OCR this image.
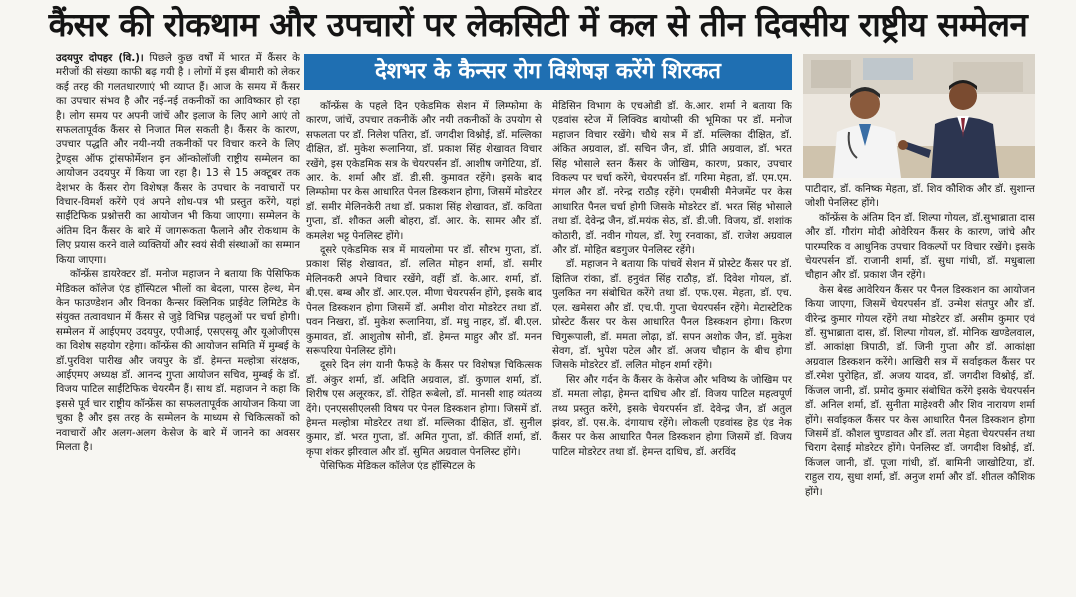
कैंसर की रोकथाम और उपचारों पर लेकसिटी में कल से तीन दिवसीय राष्ट्रीय सम्मेलन

उदयपुर दोपहर (वि.)। पिछले कुछ वर्षों में भारत में कैंसर के मरीजों की संख्या काफी बढ़ गयी है । लोगों में इस बीमारी को लेकर कई तरह की गलतधारणाएं भी व्याप्त हैं। आज के समय में कैंसर का उपचार संभव है और नई-नई तकनीकों का आविष्कार हो रहा है। लोग समय पर अपनी जांचें और इलाज के लिए आगे आएं तो सफलतापूर्वक कैंसर से निजात मिल सकती है। कैंसर के कारण, उपचार पद्धति और नयी-नयी तकनीकों पर विचार करने के लिए ट्रेण्ड्स ऑफ ट्रांसफोर्मेशन इन ऑन्कोलॉजी राष्ट्रीय सम्मेलन का आयोजन उदयपुर में किया जा रहा है। 13 से 15 अक्टूबर तक देशभर के कैंसर रोग विशेषज्ञ कैंसर के उपचार के नवाचारों पर विचार-विमर्श करेंगे एवं अपने शोध-पत्र भी प्रस्तुत करेंगे, यहां साईंटिफिक प्रश्नोत्तरी का आयोजन भी किया जाएगा। सम्मेलन के अंतिम दिन कैंसर के बारे में जागरूकता फैलाने और रोकथाम के लिए प्रयास करने वाले व्यक्तियों और स्वयं सेवी संस्थाओं का सम्मान किया जाएगा।

कॉन्फ्रेंस डायरेक्टर डॉ. मनोज महाजन ने बताया कि पेसिफिक मेडिकल कॉलेज एंड हॉस्पिटल भीलों का बेदला, पारस हेल्थ, मेन केन फाउण्डेशन और विनका कैन्सर क्लिनिक प्राईवेट लिमिटेड के संयुक्त तत्वावधान में कैंसर से जुड़े विभिन्न पहलुओं पर चर्चा होगी। सम्मेलन में आईएमए उदयपुर, एपीआई, एसएसयू और यूओजीएस का विशेष सहयोग रहेगा। कॉन्फ्रेंस की आयोजन समिति में मुम्बई के डॉ.पुरविश पारीख और जयपुर के डॉ. हेमन्त मल्होत्रा संरक्षक, आईएमए अध्यक्ष डॉ. आनन्द गुप्ता आयोजन सचिव, मुम्बई के डॉ. विजय पाटिल साईंटिफिक चेयरमैन हैं। साथ डॉ. महाजन ने कहा कि इससे पूर्व चार राष्ट्रीय कॉन्फ्रेंस का सफलतापूर्वक आयोजन किया जा चुका है और इस तरह के सम्मेलन के माध्यम से चिकित्सकों को नवाचारों और अलग-अलग केसेज के बारे में जानने का अवसर मिलता है।

देशभर के कैन्सर रोग विशेषज्ञ करेंगे शिरकत

कॉन्फ्रेंस के पहले दिन एकेडमिक सेशन में लिम्फोमा के कारण, जांचें, उपचार तकनीकें और नयी तकनीकों के उपयोग से सफलता पर डॉ. निलेश पतिरा, डॉ. जगदीश विश्नोई, डॉ. मल्लिका दीक्षित, डॉ. मुकेश रूलानिया, डॉ. प्रकाश सिंह शेखावत विचार रखेंगे, इस एकेडमिक सत्र के चेयरपर्सन डॉ. आशीष जगेटिया, डॉ. आर. के. शर्मा और डॉ. डी.सी. कुमावत रहेंगे। इसके बाद लिम्फोमा पर केस आधारित पेनल डिस्कशन होगा, जिसमें मोडरेटर डॉ. समीर मेलिनकेरी तथा डॉ. प्रकाश सिंह शेखावत, डॉ. कविता गुप्ता, डॉ. शौकत अली बोहरा, डॉ. आर. के. सामर और डॉ. कमलेश भट्ट पेनलिस्ट होंगे।

दूसरे एकेडमिक सत्र में मायलोमा पर डॉ. सौरभ गुप्ता, डॉ. प्रकाश सिंह शेखावत, डॉ. ललित मोहन शर्मा, डॉ. समीर मेलिनकरी अपने विचार रखेंगे, वहीं डॉ. के.आर. शर्मा, डॉ. बी.एस. बम्ब और डॉ. आर.एल. मीणा चेयरपर्सन होंगे, इसके बाद पेनल डिस्कशन होगा जिसमें डॉ. अमीश वोरा मोडरेटर तथा डॉ. पवन निखरा, डॉ. मुकेश रूलानिया, डॉ. मधु नाहर, डॉ. बी.एल. कुमावत, डॉ. आशुतोष सोनी, डॉ. हेमन्त माहुर और डॉ. मनन सरूपरिया पेनलिस्ट होंगे।

दूसरे दिन लंग यानी फैफड़े के कैंसर पर विशेषज्ञ चिकित्सक डॉ. अंकुर शर्मा, डॉ. अदिति अग्रवाल, डॉ. कुणाल शर्मा, डॉ. शिरीष एस अलूरकर, डॉ. रोहित रूबेलो, डॉ. मानसी शाह व्यंतव्य देंगे। एनएससीएलसी विषय पर पेनल डिस्कशन होगा। जिसमें डॉ. हेमन्त मल्होत्रा मोडरेटर तथा डॉ. मल्लिका दीक्षित, डॉ. सुनील कुमार, डॉ. भरत गुप्ता, डॉ. अमित गुप्ता, डॉ. कीर्ति शर्मा, डॉ. कृपा शंकर झीरवाल और डॉ. सुमित अग्रवाल पेनलिस्ट होंगे।

पेसिफिक मेडिकल कॉलेज एंड हॉस्पिटल के

मेडिसिन विभाग के एचओडी डॉ. के.आर. शर्मा ने बताया कि एडवांस स्टेज में लिक्विड बायोप्सी की भूमिका पर डॉ. मनोज महाजन विचार रखेंगे। चौथे सत्र में डॉ. मल्लिका दीक्षित, डॉ. अंकित अग्रवाल, डॉ. सचिन जैन, डॉ. प्रीति अग्रवाल, डॉ. भरत सिंह भोसाले स्तन कैंसर के जोखिम, कारण, प्रकार, उपचार विकल्प पर चर्चा करेंगे, चेयरपर्सन डॉ. गरिमा मेहता, डॉ. एम.एम. मंगल और डॉ. नरेन्द्र राठौड़ रहेंगे। एमबीसी मैनेजमेंट पर केस आधारित पैनल चर्चा होगी जिसके मोडरेटर डॉ. भरत सिंह भोसाले तथा डॉ. देवेन्द्र जैन, डॉ.मयंक सेठ, डॉ. डी.जी. विजय, डॉ. शशांक कोठारी, डॉ. नवीन गोयल, डॉ. रेणु रनवाका, डॉ. राजेश अग्रवाल और डॉ. मोहित बडगुजर पेनलिस्ट रहेंगे।

डॉ. महाजन ने बताया कि पांचवें सेशन में प्रोस्टेट कैंसर पर डॉ. क्षितिज रांका, डॉ. हनुवंत सिंह राठौड़, डॉ. दिवेश गोयल, डॉ. पुलकित नग संबोधित करेंगे तथा डॉ. एफ.एस. मेहता, डॉ. एच. एल. खमेसरा और डॉ. एच.पी. गुप्ता चेयरपर्सन रहेंगे। मेटास्टेटिक प्रोस्टेट कैंसर पर केस आधारित पैनल डिस्कशन होगा। किरण चिगुरूपाली, डॉ. ममता लोढ़ा, डॉ. सपन अशोक जैन, डॉ. मुकेश सेवग, डॉ. भुपेश पटेल और डॉ. अजय चौहान के बीच होगा जिसके मोडरेटर डॉ. ललित मोहन शर्मा रहेंगे।

सिर और गर्दन के कैंसर के केसेज और भविष्य के जोखिम पर डॉ. ममता लोढ़ा, हेमन्त दाधिच और डॉ. विजय पाटिल महत्वपूर्ण तथ्य प्रस्तुत करेंगे, इसके चेयरपर्सन डॉ. देवेन्द्र जैन, डॉ अतुल झंवर, डॉ. एस.के. दंगायाच रहेंगे। लोकली एडवांस्ड हेड एंड नेक कैंसर पर केस आधारित पैनल डिस्कशन होगा जिसमें डॉ. विजय पाटिल मोडरेटर तथा डॉ. हेमन्त दाधिच, डॉ. अरविंद

पाटीदार, डॉ. कनिष्क मेहता, डॉ. शिव कौशिक और डॉ. सुशान्त जोशी पेनलिस्ट होंगे।

कॉन्फ्रेंस के अंतिम दिन डॉ. शिल्पा गोयल, डॉ.सुभाब्राता दास और डॉ. गौरांग मोदी ओवेरियन कैंसर के कारण, जांचे और पारम्परिक व आधुनिक उपचार विकल्पों पर विचार रखेंगे। इसके चेयरपर्सन डॉ. राजानी शर्मा, डॉ. सुधा गांधी, डॉ. मधुबाला चौहान और डॉ. प्रकाश जैन रहेंगे।

केस बेस्ड आवेरियन कैंसर पर पैनल डिस्कशन का आयोजन किया जाएगा, जिसमें चेयरपर्सन डॉ. उन्मेश संतपुर और डॉ. वीरेन्द्र कुमार गोयल रहेंगे तथा मोडरेटर डॉ. असीम कुमार एवं डॉ. सुभाब्राता दास, डॉ. शिल्पा गोयल, डॉ. मोनिक खण्डेलवाल, डॉ. आकांक्षा त्रिपाठी, डॉ. जिनी गुप्ता और डॉ. आकांक्षा अग्रवाल डिस्कशन करेंगे। आखिरी सत्र में सर्वाइकल कैंसर पर डॉ.रमेश पुरोहित, डॉ. अजय यादव, डॉ. जगदीश विश्नोई, डॉ. किंजल जानी, डॉ. प्रमोद कुमार संबोधित करेंगे इसके चेयरपर्सन डॉ. अनिल शर्मा, डॉ. सुनीता माहेश्वरी और शिव नारायण शर्मा होंगे। सर्वाइकल कैंसर पर केस आधारित पैनल डिस्कशन होगा जिसमें डॉ. कौशल चुण्डावत और डॉ. लता मेहता चेयरपर्सन तथा चिराग देसाई मोडरेटर होंगे। पेनलिस्ट डॉ. जगदीश विश्नोई, डॉ. किंजल जानी, डॉ. पूजा गांधी, डॉ. बामिनी जाखोटिया, डॉ. राहुल राय, सुधा शर्मा, डॉ. अनुज शर्मा और डॉ. शीतल कौशिक होंगे।
